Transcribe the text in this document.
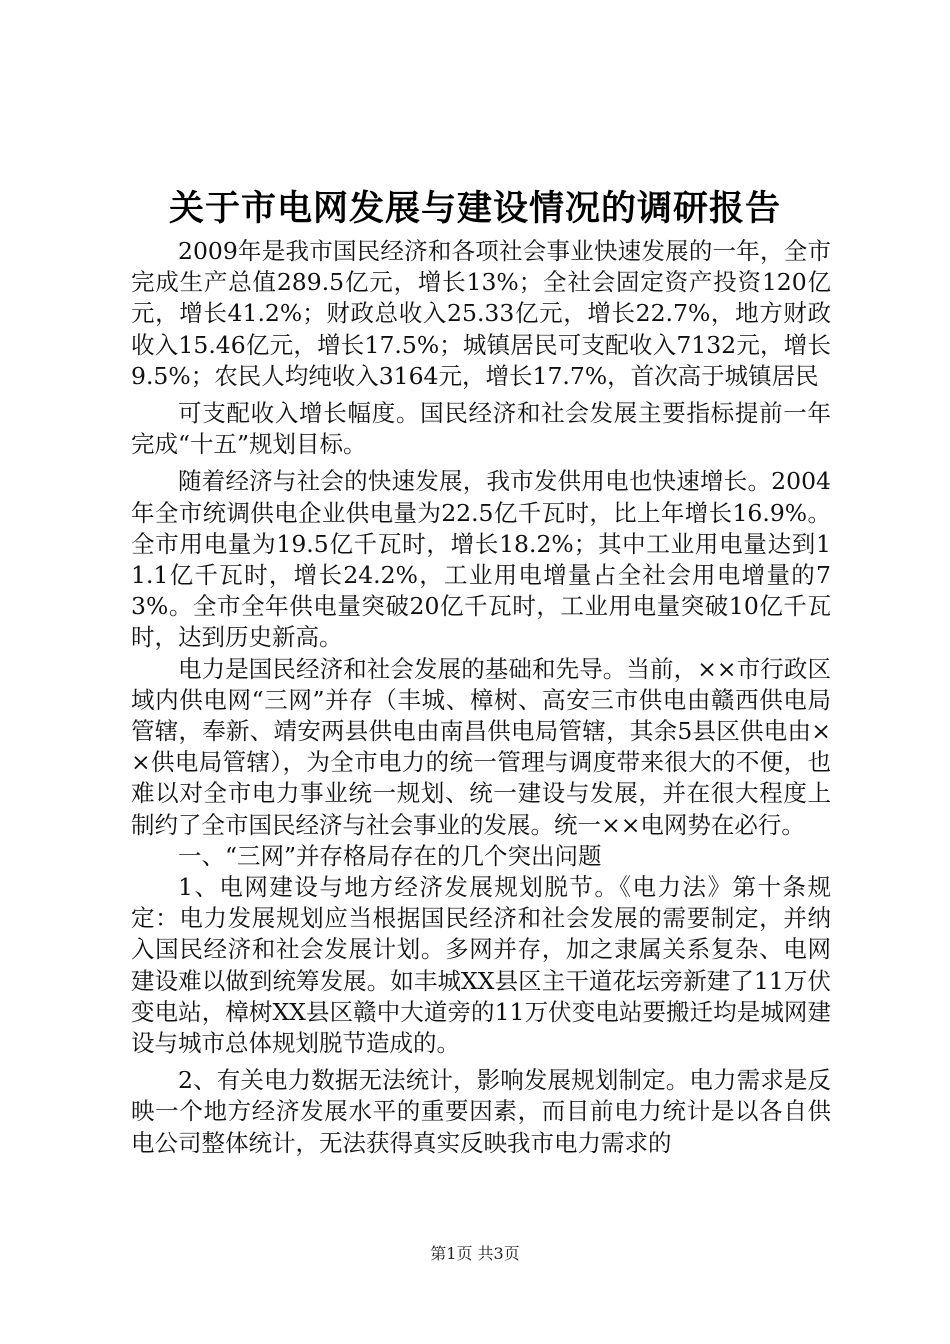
关于市电网发展与建设情况的调研报告

2009年是我市国民经济和各项社会事业快速发展的一年，全市完成生产总值289.5亿元，增长13%；全社会固定资产投资120亿元，增长41.2%；财政总收入25.33亿元，增长22.7%，地方财政收入15.46亿元，增长17.5%；城镇居民可支配收入7132元，增长9.5%；农民人均纯收入3164元，增长17.7%，首次高于城镇居民

可支配收入增长幅度。国民经济和社会发展主要指标提前一年完成“十五”规划目标。

随着经济与社会的快速发展，我市发供用电也快速增长。2004年全市统调供电企业供电量为22.5亿千瓦时，比上年增长16.9%。全市用电量为19.5亿千瓦时，增长18.2%；其中工业用电量达到11.1亿千瓦时，增长24.2%，工业用电增量占全社会用电增量的73%。全市全年供电量突破20亿千瓦时，工业用电量突破10亿千瓦时，达到历史新高。

电力是国民经济和社会发展的基础和先导。当前，××市行政区域内供电网“三网”并存（丰城、樟树、高安三市供电由赣西供电局管辖，奉新、靖安两县供电由南昌供电局管辖，其余5县区供电由××供电局管辖），为全市电力的统一管理与调度带来很大的不便，也难以对全市电力事业统一规划、统一建设与发展，并在很大程度上制约了全市国民经济与社会事业的发展。统一××电网势在必行。

一、“三网”并存格局存在的几个突出问题

1、电网建设与地方经济发展规划脱节。《电力法》第十条规定：电力发展规划应当根据国民经济和社会发展的需要制定，并纳入国民经济和社会发展计划。多网并存，加之隶属关系复杂、电网建设难以做到统筹发展。如丰城XX县区主干道花坛旁新建了11万伏变电站，樟树XX县区赣中大道旁的11万伏变电站要搬迁均是城网建设与城市总体规划脱节造成的。

2、有关电力数据无法统计，影响发展规划制定。电力需求是反映一个地方经济发展水平的重要因素，而目前电力统计是以各自供电公司整体统计，无法获得真实反映我市电力需求的

第1页 共3页
